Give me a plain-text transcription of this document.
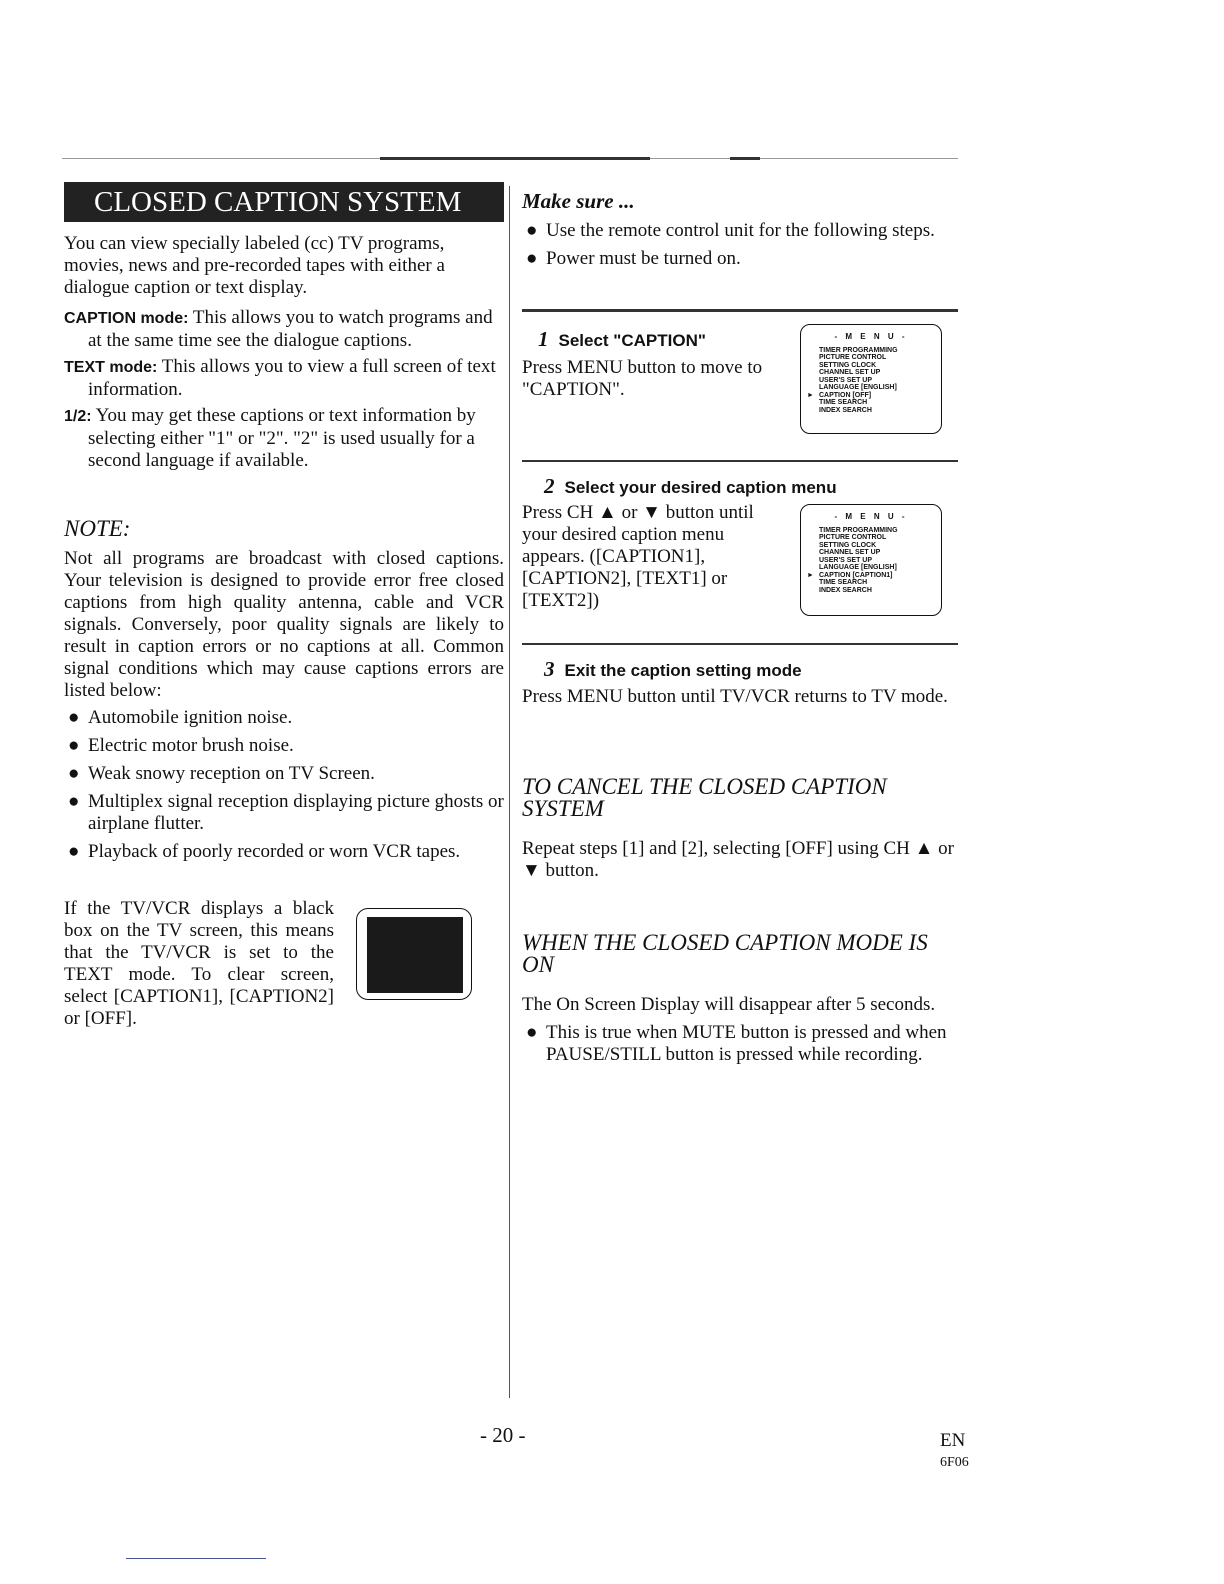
CLOSED CAPTION SYSTEM

You can view specially labeled (cc) TV programs, movies, news and pre-recorded tapes with either a dialogue caption or text display.

CAPTION mode: This allows you to watch programs and at the same time see the dialogue captions.

TEXT mode: This allows you to view a full screen of text information.

1/2: You may get these captions or text information by selecting either "1" or "2". "2" is used usually for a second language if available.

NOTE:

Not all programs are broadcast with closed captions. Your television is designed to provide error free closed captions from high quality antenna, cable and VCR signals. Conversely, poor quality signals are likely to result in caption errors or no captions at all. Common signal conditions which may cause captions errors are listed below:

● Automobile ignition noise.

● Electric motor brush noise.

● Weak snowy reception on TV Screen.

● Multiplex signal reception displaying picture ghosts or airplane flutter.

● Playback of poorly recorded or worn VCR tapes.

If the TV/VCR displays a black box on the TV screen, this means that the TV/VCR is set to the TEXT mode. To clear screen, select [CAPTION1], [CAPTION2] or [OFF].

Make sure ...

● Use the remote control unit for the following steps.

● Power must be turned on.

1 Select "CAPTION"

Press MENU button to move to "CAPTION".

- M E N U -
TIMER PROGRAMMING
PICTURE CONTROL
SETTING CLOCK
CHANNEL SET UP
USER'S SET UP
LANGUAGE [ENGLISH]
► CAPTION [OFF]
TIME SEARCH
INDEX SEARCH
2 Select your desired caption menu

Press CH ▲ or ▼ button until your desired caption menu appears. ([CAPTION1], [CAPTION2], [TEXT1] or [TEXT2])

- M E N U -
TIMER PROGRAMMING
PICTURE CONTROL
SETTING CLOCK
CHANNEL SET UP
USER'S SET UP
LANGUAGE [ENGLISH]
► CAPTION [CAPTION1]
TIME SEARCH
INDEX SEARCH
3 Exit the caption setting mode

Press MENU button until TV/VCR returns to TV mode.

TO CANCEL THE CLOSED CAPTION SYSTEM

Repeat steps [1] and [2], selecting [OFF] using CH ▲ or ▼ button.

WHEN THE CLOSED CAPTION MODE IS ON

The On Screen Display will disappear after 5 seconds.

● This is true when MUTE button is pressed and when PAUSE/STILL button is pressed while recording.

- 20 -	EN
6F06
